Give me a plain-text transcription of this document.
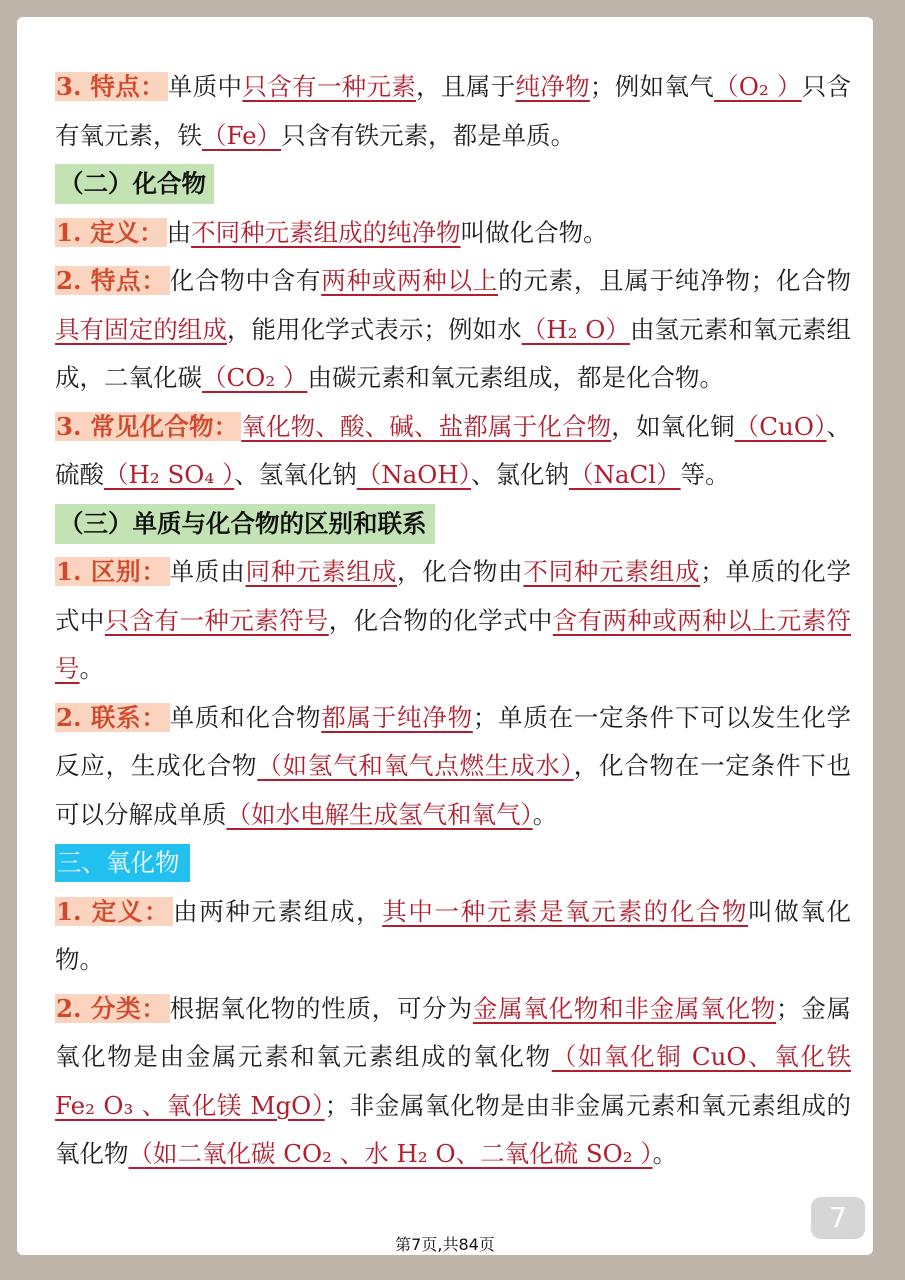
3. 特点： 单质中只含有一种元素，且属于纯净物；例如氧气（O₂ ）只含有氧元素，铁（Fe）只含有铁元素，都是单质。

（二）化合物

1. 定义： 由不同种元素组成的纯净物叫做化合物。

2. 特点： 化合物中含有两种或两种以上的元素，且属于纯净物；化合物具有固定的组成，能用化学式表示；例如水（H₂ O）由氢元素和氧元素组成，二氧化碳（CO₂ ）由碳元素和氧元素组成，都是化合物。

3. 常见化合物： 氧化物、酸、碱、盐都属于化合物，如氧化铜（CuO）、硫酸（H₂ SO₄ ）、氢氧化钠（NaOH）、氯化钠（NaCl）等。

（三）单质与化合物的区别和联系

1. 区别： 单质由同种元素组成，化合物由不同种元素组成；单质的化学式中只含有一种元素符号，化合物的化学式中含有两种或两种以上元素符号。

2. 联系： 单质和化合物都属于纯净物；单质在一定条件下可以发生化学反应，生成化合物（如氢气和氧气点燃生成水），化合物在一定条件下也可以分解成单质（如水电解生成氢气和氧气）。

三、氧化物

1. 定义： 由两种元素组成，其中一种元素是氧元素的化合物叫做氧化物。

2. 分类： 根据氧化物的性质，可分为金属氧化物和非金属氧化物；金属氧化物是由金属元素和氧元素组成的氧化物（如氧化铜 CuO、氧化铁 Fe₂ O₃ 、氧化镁 MgO）；非金属氧化物是由非金属元素和氧元素组成的氧化物（如二氧化碳 CO₂ 、水 H₂ O、二氧化硫 SO₂ ）。

7
第7页,共84页
